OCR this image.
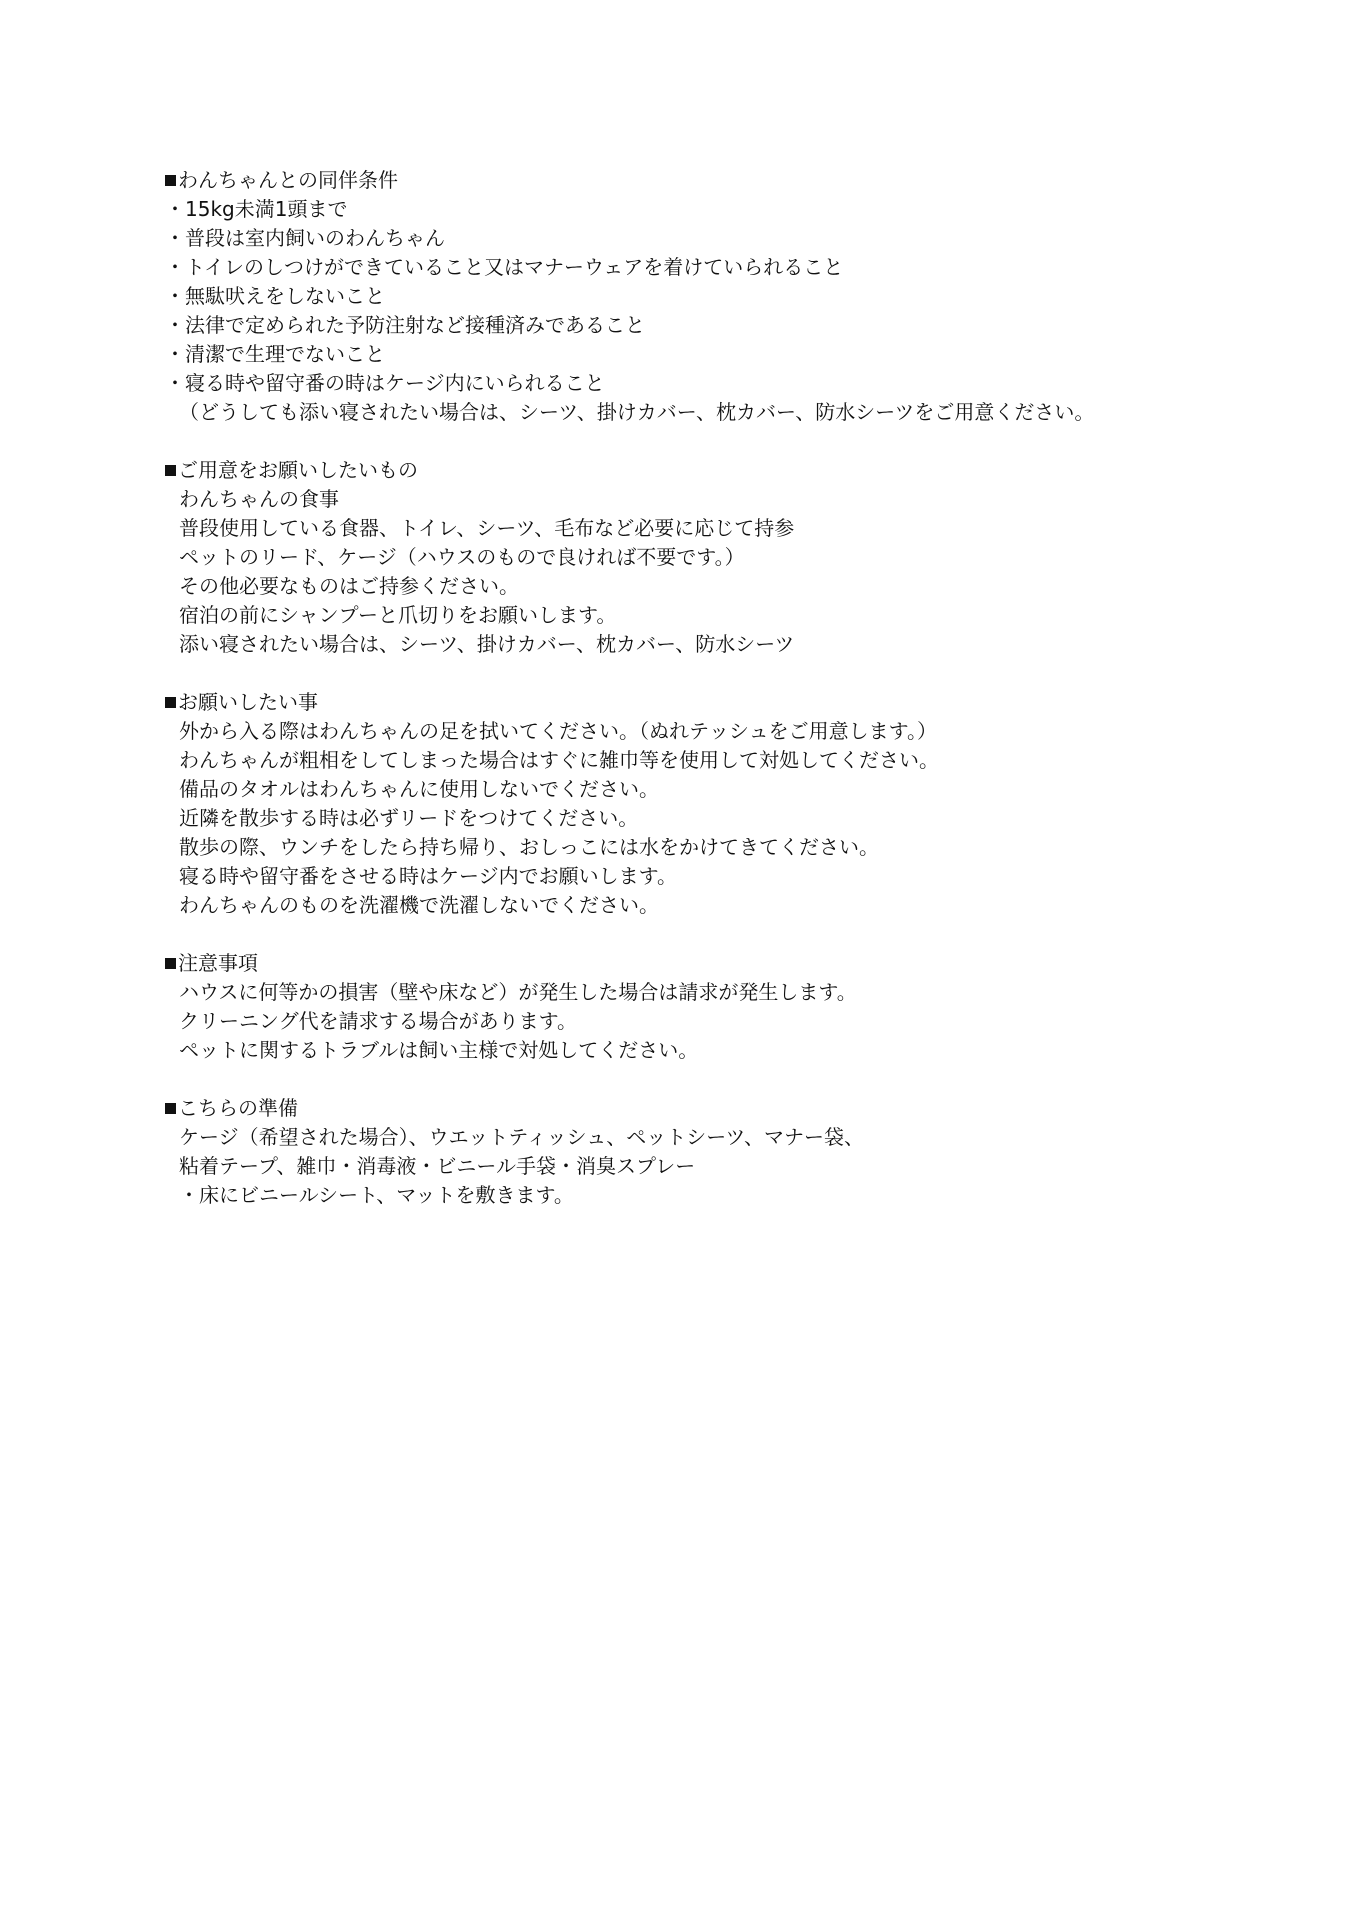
わんちゃんとの同伴条件
・15kg未満1頭まで
・普段は室内飼いのわんちゃん
・トイレのしつけができていること又はマナーウェアを着けていられること
・無駄吠えをしないこと
・法律で定められた予防注射など接種済みであること
・清潔で生理でないこと
・寝る時や留守番の時はケージ内にいられること
（どうしても添い寝されたい場合は、シーツ、掛けカバー、枕カバー、防水シーツをご用意ください。
ご用意をお願いしたいもの
わんちゃんの食事
普段使用している食器、トイレ、シーツ、毛布など必要に応じて持参
ペットのリード、ケージ（ハウスのもので良ければ不要です。）
その他必要なものはご持参ください。
宿泊の前にシャンプーと爪切りをお願いします。
添い寝されたい場合は、シーツ、掛けカバー、枕カバー、防水シーツ
お願いしたい事
外から入る際はわんちゃんの足を拭いてください。（ぬれテッシュをご用意します。）
わんちゃんが粗相をしてしまった場合はすぐに雑巾等を使用して対処してください。
備品のタオルはわんちゃんに使用しないでください。
近隣を散歩する時は必ずリードをつけてください。
散歩の際、ウンチをしたら持ち帰り、おしっこには水をかけてきてください。
寝る時や留守番をさせる時はケージ内でお願いします。
わんちゃんのものを洗濯機で洗濯しないでください。
注意事項
ハウスに何等かの損害（壁や床など）が発生した場合は請求が発生します。
クリーニング代を請求する場合があります。
ペットに関するトラブルは飼い主様で対処してください。
こちらの準備
ケージ（希望された場合）、ウエットティッシュ、ペットシーツ、マナー袋、
粘着テープ、雑巾・消毒液・ビニール手袋・消臭スプレー
・床にビニールシート、マットを敷きます。
